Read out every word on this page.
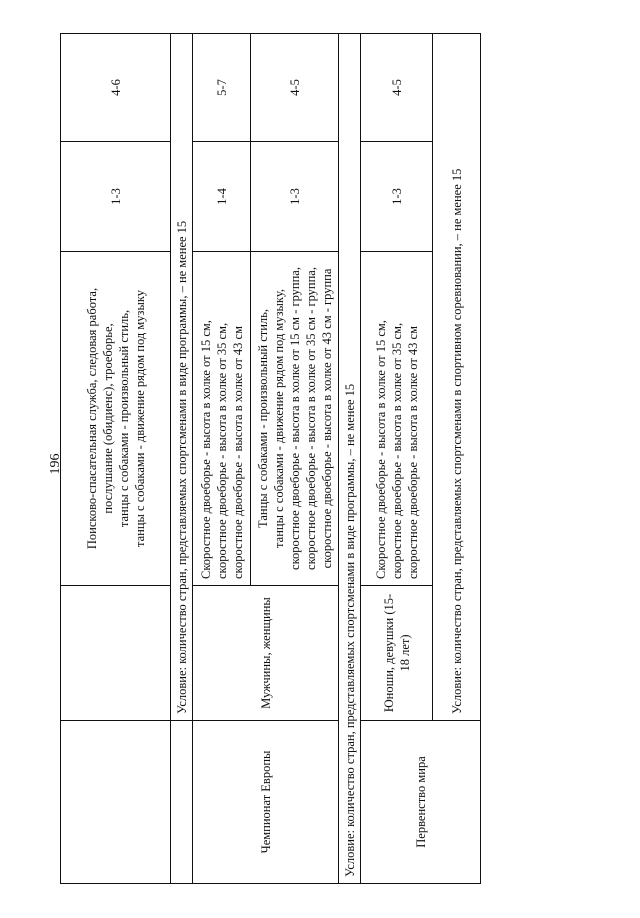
196

		Поисково-спасательная служба, следовая работа, послушание (обидиенс), троеборье, танцы с собаками - произвольный стиль, танцы с собаками - движение рядом под музыку	1-3	4-6
	Условие: количество стран, представляемых спортсменами в виде программы, – не менее 15			
Чемпионат Европы	Мужчины, женщины	Скоростное двоеборье - высота в холке от 15 см, скоростное двоеборье - высота в холке от 35 см, скоростное двоеборье - высота в холке от 43 см	1-4	5-7

		Танцы с собаками - произвольный стиль, танцы с собаками - движение рядом под музыку, скоростное двоеборье - высота в холке от 15 см - группа, скоростное двоеборье - высота в холке от 35 см - группа, скоростное двоеборье - высота в холке от 43 см - группа	1-3	4-5
Условие: количество стран, представляемых спортсменами в виде программы, – не менее 15				
Первенство мира	Юноши, девушки (15-18 лет)	Скоростное двоеборье - высота в холке от 15 см, скоростное двоеборье - высота в холке от 35 см, скоростное двоеборье - высота в холке от 43 см	1-3	4-5
	Условие: количество стран, представляемых спортсменами в спортивном соревновании, – не менее 15			
